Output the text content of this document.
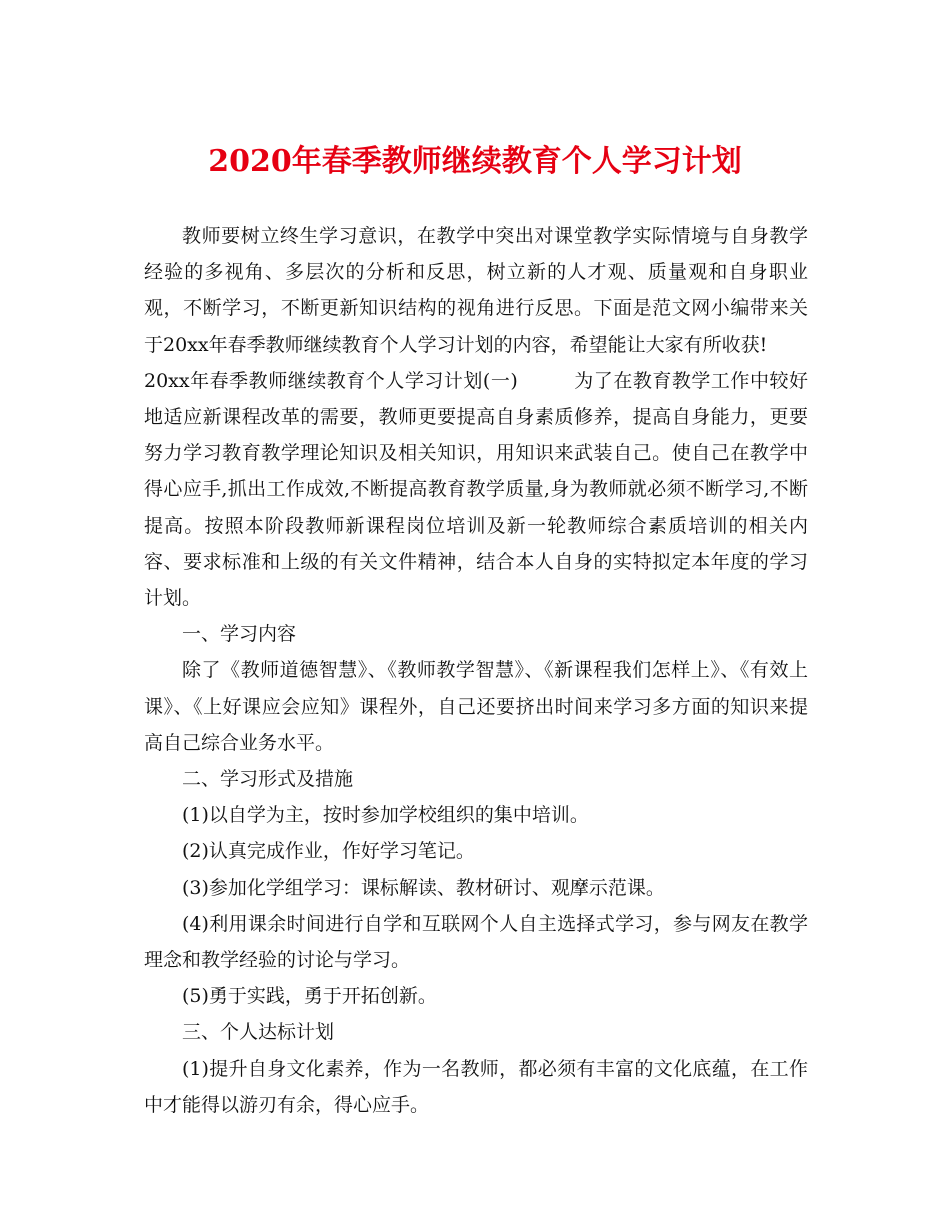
2020年春季教师继续教育个人学习计划

教师要树立终生学习意识，在教学中突出对课堂教学实际情境与自身教学经验的多视角、多层次的分析和反思，树立新的人才观、质量观和自身职业观，不断学习，不断更新知识结构的视角进行反思。下面是范文网小编带来关于20xx年春季教师继续教育个人学习计划的内容，希望能让大家有所收获!

20xx年春季教师继续教育个人学习计划(一)	为了在教育教学工作中较好地适应新课程改革的需要，教师更要提高自身素质修养，提高自身能力，更要努力学习教育教学理论知识及相关知识，用知识来武装自己。使自己在教学中得心应手,抓出工作成效,不断提高教育教学质量,身为教师就必须不断学习,不断提高。按照本阶段教师新课程岗位培训及新一轮教师综合素质培训的相关内容、要求标准和上级的有关文件精神，结合本人自身的实特拟定本年度的学习计划。

一、学习内容

除了《教师道德智慧》、《教师教学智慧》、《新课程我们怎样上》、《有效上课》、《上好课应会应知》课程外，自己还要挤出时间来学习多方面的知识来提高自己综合业务水平。

二、学习形式及措施

(1)以自学为主，按时参加学校组织的集中培训。

(2)认真完成作业，作好学习笔记。

(3)参加化学组学习：课标解读、教材研讨、观摩示范课。

(4)利用课余时间进行自学和互联网个人自主选择式学习，参与网友在教学理念和教学经验的讨论与学习。

(5)勇于实践，勇于开拓创新。

三、个人达标计划

(1)提升自身文化素养，作为一名教师，都必须有丰富的文化底蕴，在工作中才能得以游刃有余，得心应手。
